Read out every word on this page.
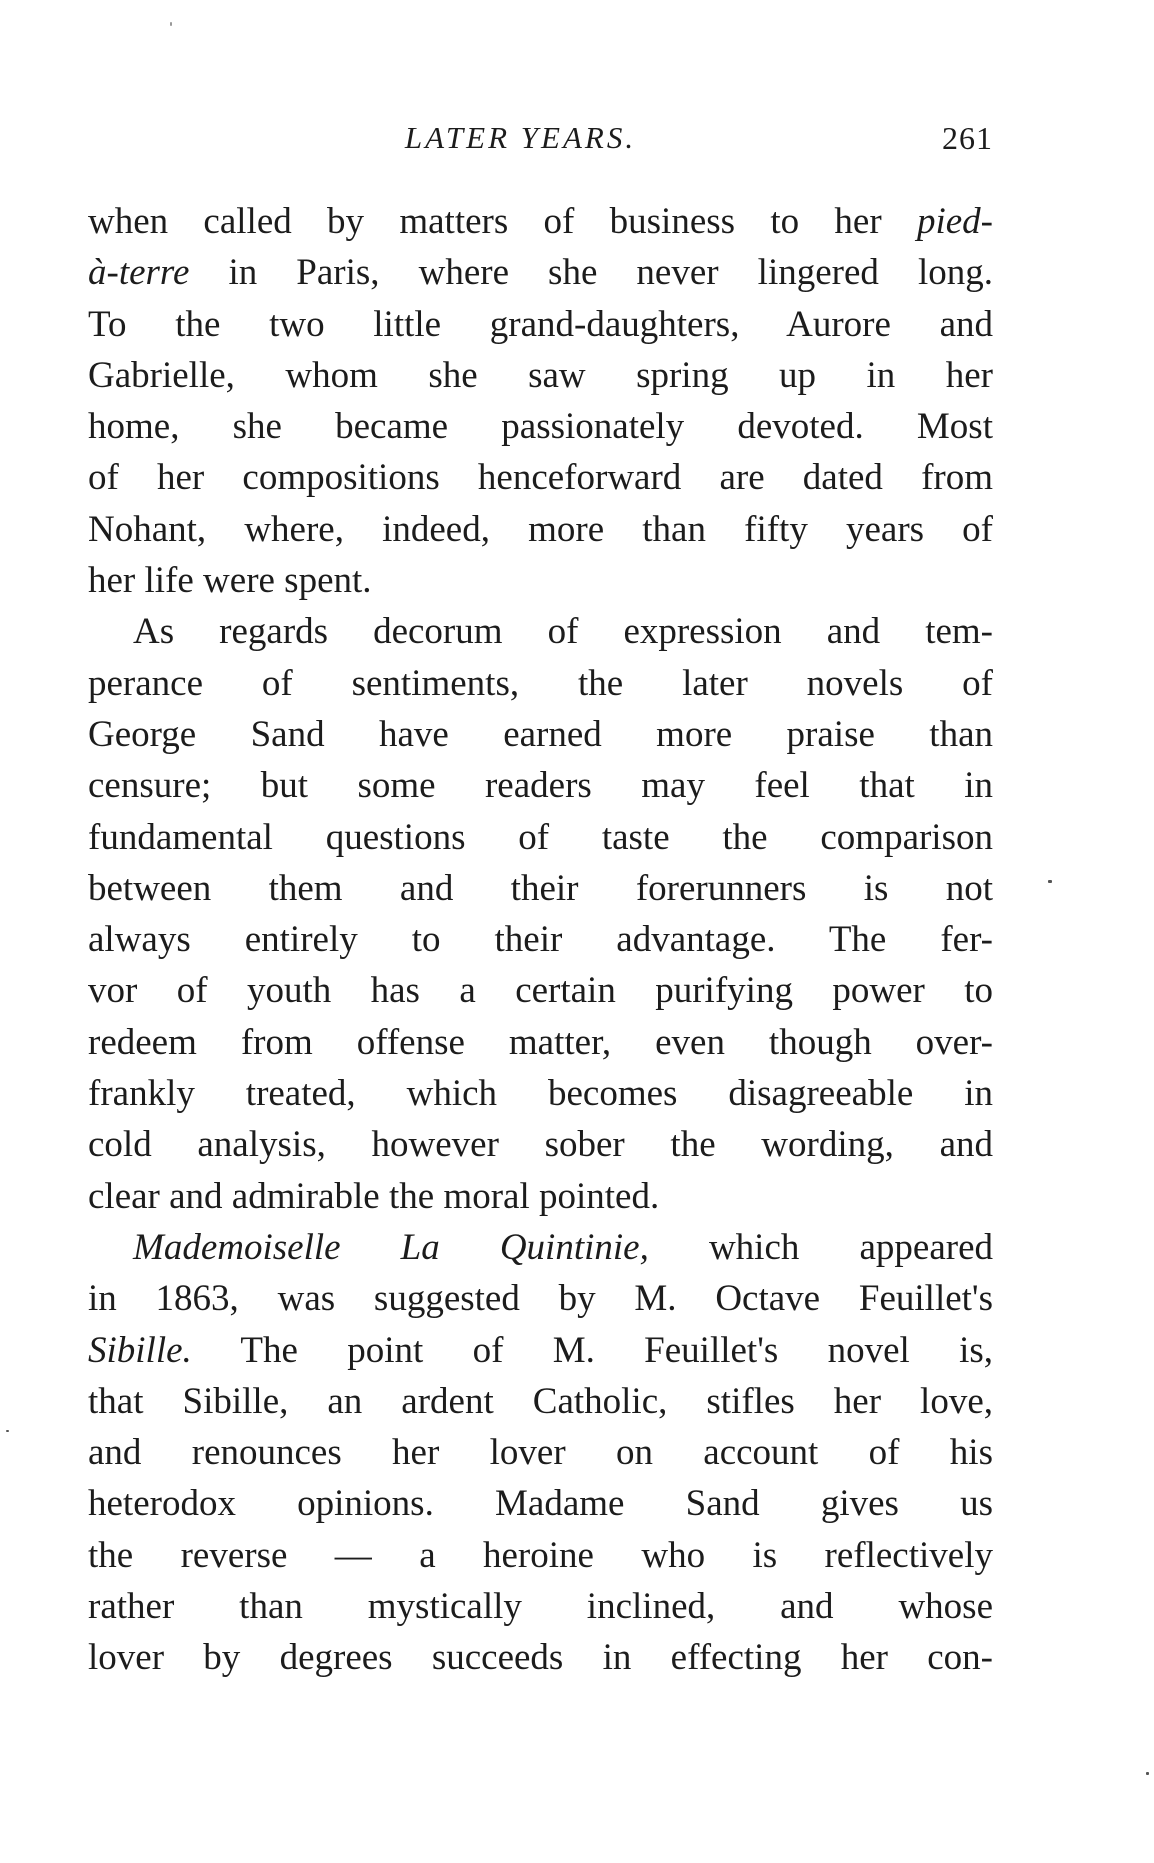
LATER YEARS.	261
when called by matters of business to her pied-
à-terre in Paris, where she never lingered long.
To the two little grand-daughters, Aurore and
Gabrielle, whom she saw spring up in her
home, she became passionately devoted. Most
of her compositions henceforward are dated from
Nohant, where, indeed, more than fifty years of
her life were spent.
As regards decorum of expression and tem-
perance of sentiments, the later novels of
George Sand have earned more praise than
censure; but some readers may feel that in
fundamental questions of taste the comparison
between them and their forerunners is not
always entirely to their advantage. The fer-
vor of youth has a certain purifying power to
redeem from offense matter, even though over-
frankly treated, which becomes disagreeable in
cold analysis, however sober the wording, and
clear and admirable the moral pointed.
Mademoiselle La Quintinie, which appeared
in 1863, was suggested by M. Octave Feuillet's
Sibille. The point of M. Feuillet's novel is,
that Sibille, an ardent Catholic, stifles her love,
and renounces her lover on account of his
heterodox opinions. Madame Sand gives us
the reverse — a heroine who is reflectively
rather than mystically inclined, and whose
lover by degrees succeeds in effecting her con-
